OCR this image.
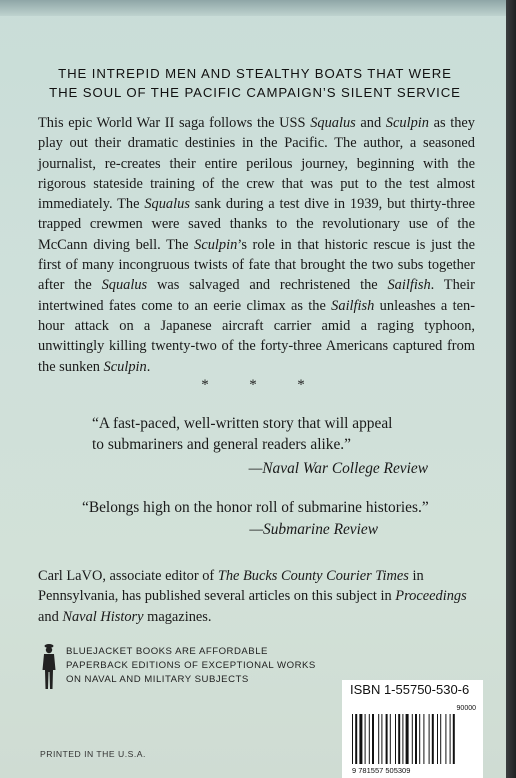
THE INTREPID MEN AND STEALTHY BOATS THAT WERE
THE SOUL OF THE PACIFIC CAMPAIGN’S SILENT SERVICE

This epic World War II saga follows the USS Squalus and Sculpin as they play out their dramatic destinies in the Pacific. The author, a seasoned journalist, re-creates their entire perilous journey, beginning with the rigorous stateside training of the crew that was put to the test almost immediately. The Squalus sank during a test dive in 1939, but thirty-three trapped crewmen were saved thanks to the revolutionary use of the McCann diving bell. The Sculpin’s role in that historic rescue is just the first of many incongruous twists of fate that brought the two subs together after the Squalus was salvaged and rechristened the Sailfish. Their intertwined fates come to an eerie climax as the Sailfish unleashes a ten-hour attack on a Japanese aircraft carrier amid a raging typhoon, unwittingly killing twenty-two of the forty-three Americans captured from the sunken Sculpin.

*	*	*
“A fast-paced, well-written story that will appeal
to submariners and general readers alike.”
—Naval War College Review
“Belongs high on the honor roll of submarine histories.”
—Submarine Review
Carl LaVO, associate editor of The Bucks County Courier Times in Pennsylvania, has published several articles on this subject in Proceedings and Naval History magazines.
BLUEJACKET BOOKS ARE AFFORDABLE
PAPERBACK EDITIONS OF EXCEPTIONAL WORKS
ON NAVAL AND MILITARY SUBJECTS
ISBN 1-55750-530-6
90000
9 781557 505309
PRINTED IN THE U.S.A.
